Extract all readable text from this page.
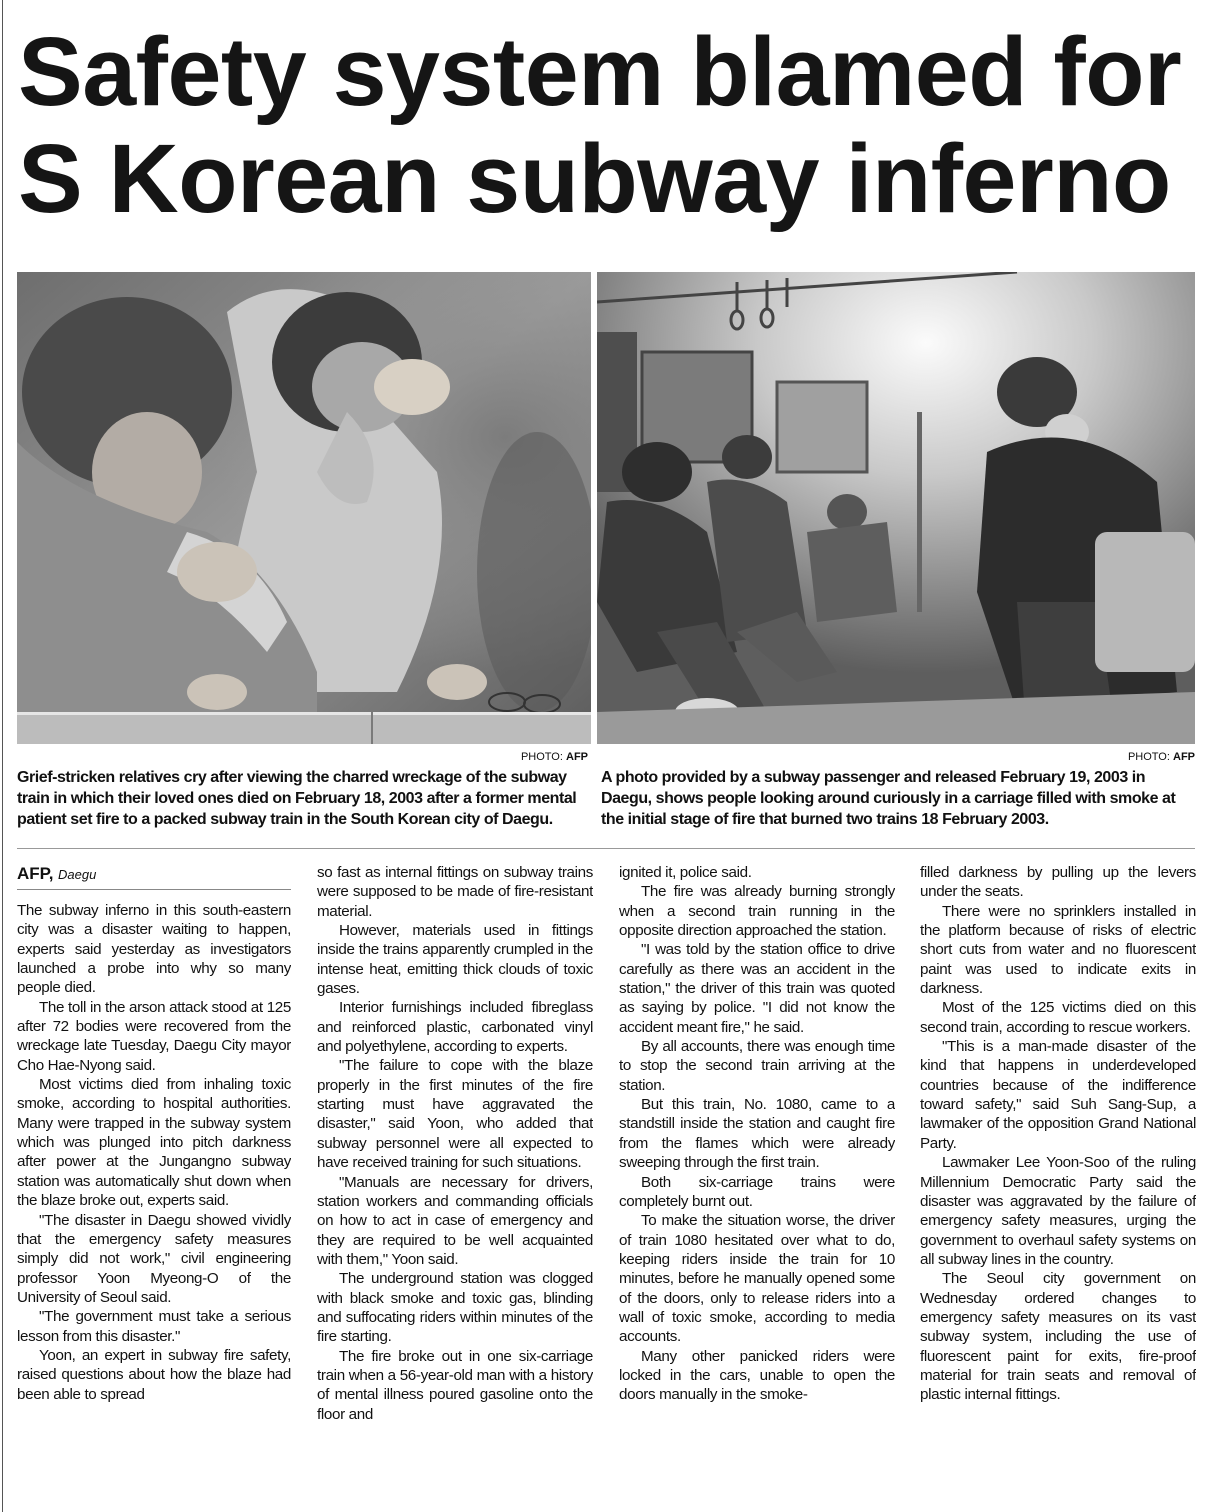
Safety system blamed for S Korean subway inferno
PHOTO: AFP	PHOTO: AFP

Grief-stricken relatives cry after viewing the charred wreckage of the subway train in which their loved ones died on February 18, 2003 after a former mental patient set fire to a packed subway train in the South Korean city of Daegu.

A photo provided by a subway passenger and released February 19, 2003 in Daegu, shows people looking around curiously in a carriage filled with smoke at the initial stage of fire that burned two trains 18 February 2003.

AFP, Daegu

The subway inferno in this south-eastern city was a disaster waiting to happen, experts said yesterday as investigators launched a probe into why so many people died.

The toll in the arson attack stood at 125 after 72 bodies were recovered from the wreckage late Tuesday, Daegu City mayor Cho Hae-Nyong said.

Most victims died from inhaling toxic smoke, according to hospital authorities. Many were trapped in the subway system which was plunged into pitch darkness after power at the Jungangno subway station was automatically shut down when the blaze broke out, experts said.

"The disaster in Daegu showed vividly that the emergency safety measures simply did not work," civil engineering professor Yoon Myeong-O of the University of Seoul said.

"The government must take a serious lesson from this disaster."

Yoon, an expert in subway fire safety, raised questions about how the blaze had been able to spread

so fast as internal fittings on subway trains were supposed to be made of fire-resistant material.

However, materials used in fittings inside the trains apparently crumpled in the intense heat, emitting thick clouds of toxic gases.

Interior furnishings included fibreglass and reinforced plastic, carbonated vinyl and polyethylene, according to experts.

"The failure to cope with the blaze properly in the first minutes of the fire starting must have aggravated the disaster," said Yoon, who added that subway personnel were all expected to have received training for such situations.

"Manuals are necessary for drivers, station workers and commanding officials on how to act in case of emergency and they are required to be well acquainted with them," Yoon said.

The underground station was clogged with black smoke and toxic gas, blinding and suffocating riders within minutes of the fire starting.

The fire broke out in one six-carriage train when a 56-year-old man with a history of mental illness poured gasoline onto the floor and

ignited it, police said.

The fire was already burning strongly when a second train running in the opposite direction approached the station.

"I was told by the station office to drive carefully as there was an accident in the station," the driver of this train was quoted as saying by police. "I did not know the accident meant fire," he said.

By all accounts, there was enough time to stop the second train arriving at the station.

But this train, No. 1080, came to a standstill inside the station and caught fire from the flames which were already sweeping through the first train.

Both six-carriage trains were completely burnt out.

To make the situation worse, the driver of train 1080 hesitated over what to do, keeping riders inside the train for 10 minutes, before he manually opened some of the doors, only to release riders into a wall of toxic smoke, according to media accounts.

Many other panicked riders were locked in the cars, unable to open the doors manually in the smoke-

filled darkness by pulling up the levers under the seats.

There were no sprinklers installed in the platform because of risks of electric short cuts from water and no fluorescent paint was used to indicate exits in darkness.

Most of the 125 victims died on this second train, according to rescue workers.

"This is a man-made disaster of the kind that happens in underdeveloped countries because of the indifference toward safety," said Suh Sang-Sup, a lawmaker of the opposition Grand National Party.

Lawmaker Lee Yoon-Soo of the ruling Millennium Democratic Party said the disaster was aggravated by the failure of emergency safety measures, urging the government to overhaul safety systems on all subway lines in the country.

The Seoul city government on Wednesday ordered changes to emergency safety measures on its vast subway system, including the use of fluorescent paint for exits, fire-proof material for train seats and removal of plastic internal fittings.
